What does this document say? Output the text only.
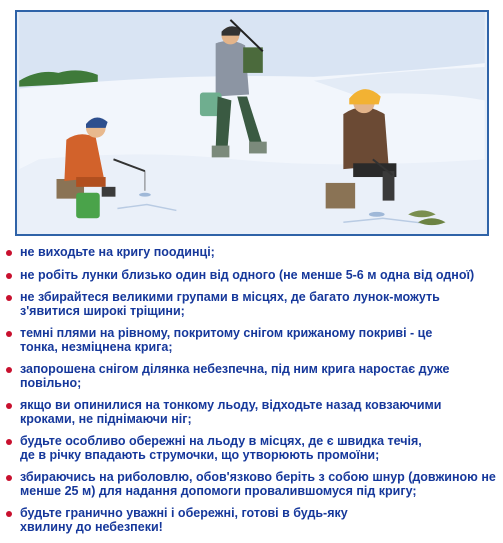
не виходьте на кригу поодинці;
не робіть лунки близько один від одного (не менше 5-6 м одна від одної)
не збирайтеся великими групами в місцях, де багато лунок-можуть
з'явитися широкі тріщини;
темні плями на рівному, покритому снігом крижаному покриві - це
тонка, незміцнена крига;
запорошена снігом ділянка небезпечна, під ним крига наростає дуже
повільно;
якщо ви опинилися на тонкому льоду, відходьте назад ковзаючими
кроками, не піднімаючи ніг;
будьте особливо обережні на льоду в місцях, де є швидка течія,
де в річку впадають струмочки, що утворюють промоїни;
збираючись на риболовлю, обов'язково беріть з собою шнур (довжиною не
менше 25 м) для надання допомоги провалившомуся під кригу;
будьте гранично уважні і обережні, готові в будь-яку
хвилину до небезпеки!
